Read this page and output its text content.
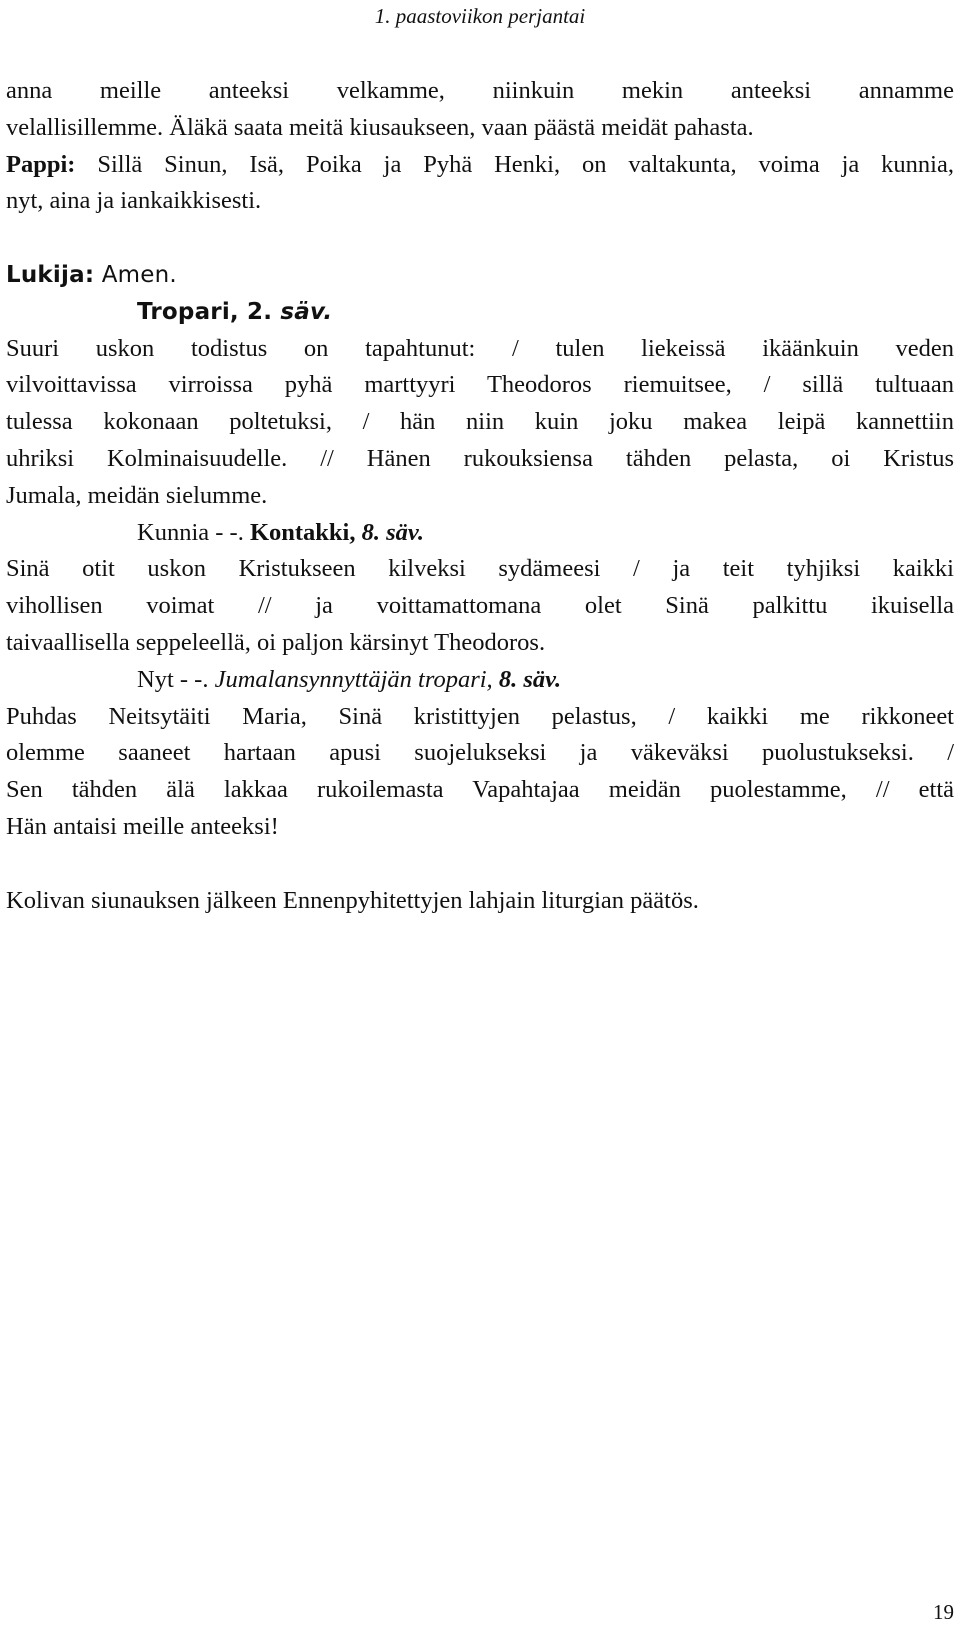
1. paastoviikon perjantai
anna meille anteeksi velkamme, niinkuin mekin anteeksi annamme
velallisillemme. Äläkä saata meitä kiusaukseen, vaan päästä meidät pahasta.
Pappi: Sillä Sinun, Isä, Poika ja Pyhä Henki, on valtakunta, voima ja kunnia,
nyt, aina ja iankaikkisesti.
Lukija: Amen.
Tropari, 2. säv.
Suuri uskon todistus on tapahtunut: / tulen liekeissä ikäänkuin veden
vilvoittavissa virroissa pyhä marttyyri Theodoros riemuitsee, / sillä tultuaan
tulessa kokonaan poltetuksi, / hän niin kuin joku makea leipä kannettiin
uhriksi Kolminaisuudelle. // Hänen rukouksiensa tähden pelasta, oi Kristus
Jumala, meidän sielumme.
Kunnia - -. Kontakki, 8. säv.
Sinä otit uskon Kristukseen kilveksi sydämeesi / ja teit tyhjiksi kaikki
vihollisen voimat // ja voittamattomana olet Sinä palkittu ikuisella
taivaallisella seppeleellä, oi paljon kärsinyt Theodoros.
Nyt - -. Jumalansynnyttäjän tropari, 8. säv.
Puhdas Neitsytäiti Maria, Sinä kristittyjen pelastus, / kaikki me rikkoneet
olemme saaneet hartaan apusi suojelukseksi ja väkeväksi puolustukseksi. /
Sen tähden älä lakkaa rukoilemasta Vapahtajaa meidän puolestamme, // että
Hän antaisi meille anteeksi!
Kolivan siunauksen jälkeen Ennenpyhitettyjen lahjain liturgian päätös.
19
